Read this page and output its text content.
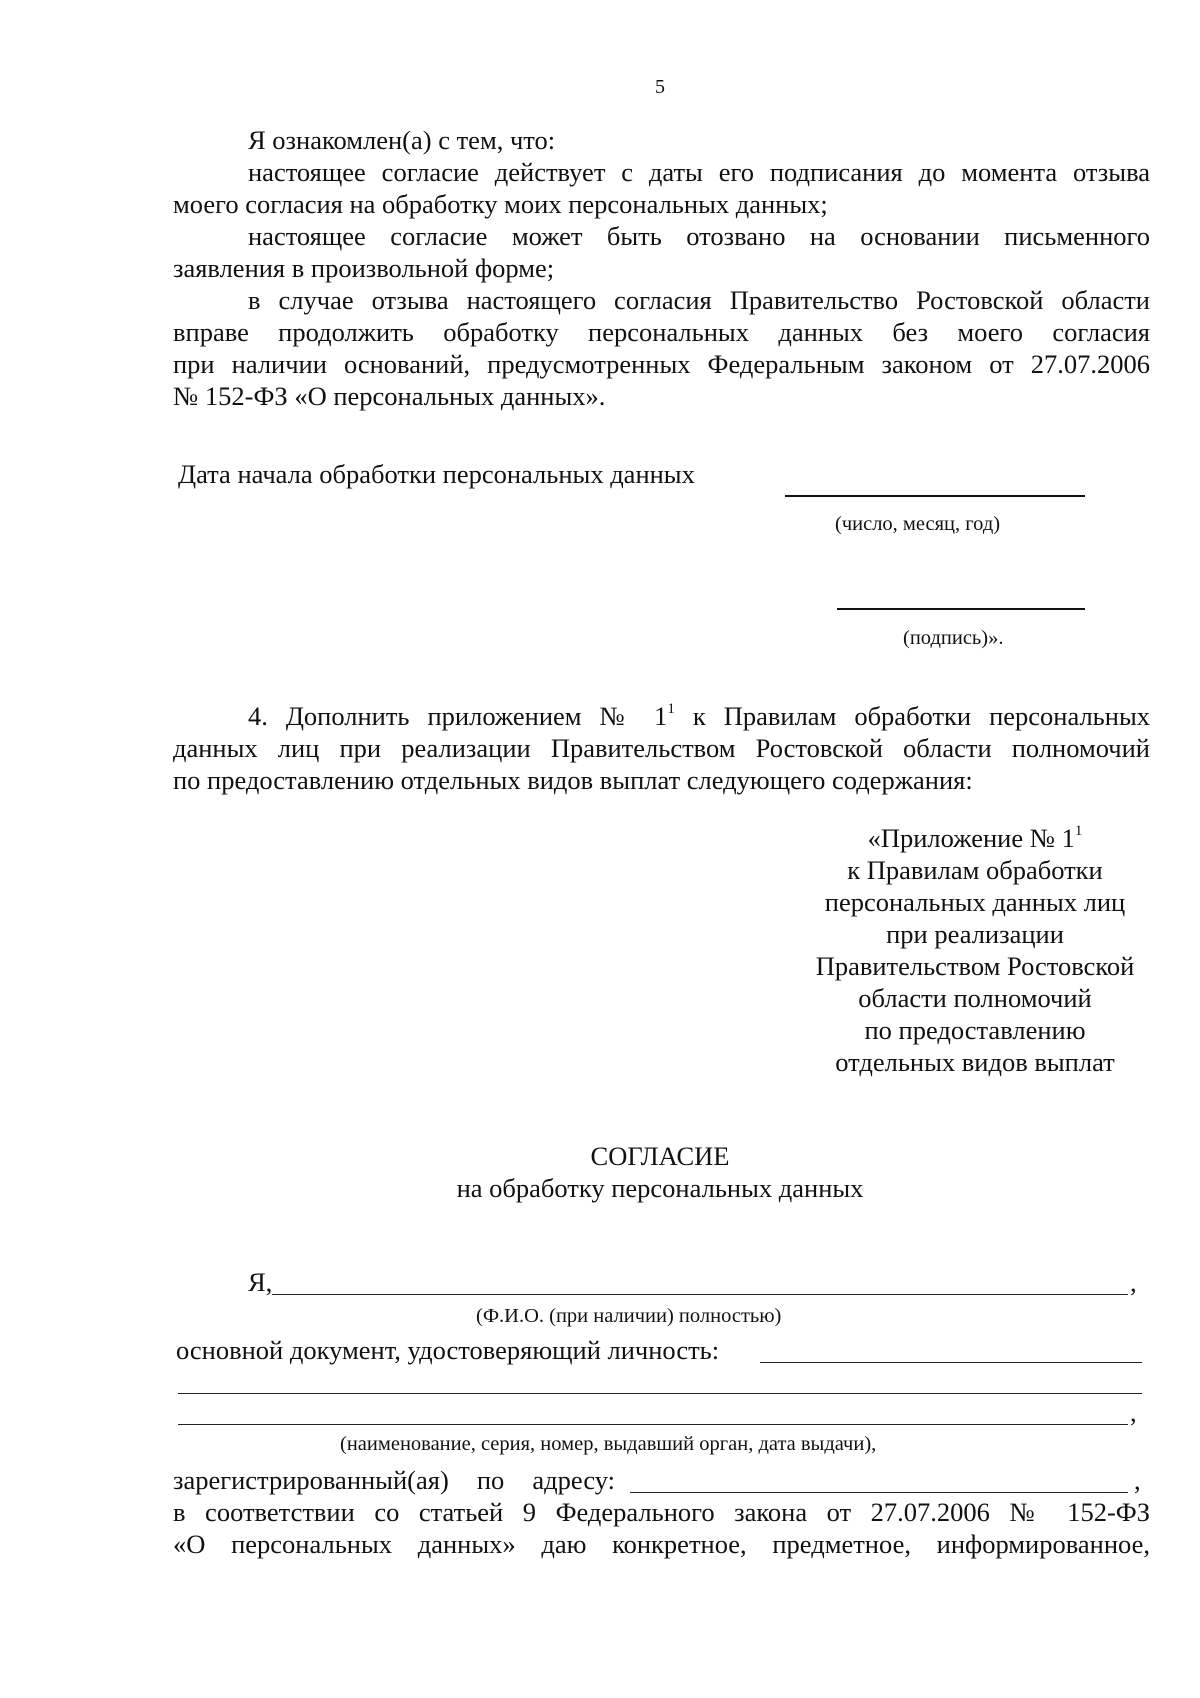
5
Я ознакомлен(а) с тем, что:
настоящее согласие действует с даты его подписания до момента отзыва
моего согласия на обработку моих персональных данных;
настоящее согласие может быть отозвано на основании письменного
заявления в произвольной форме;
в случае отзыва настоящего согласия Правительство Ростовской области
вправе продолжить обработку персональных данных без моего согласия
при наличии оснований, предусмотренных Федеральным законом от 27.07.2006
№ 152-ФЗ «О персональных данных».
Дата начала обработки персональных данных
(число, месяц, год)
(подпись)».
4. Дополнить приложением № $1^1$ к Правилам обработки персональных
данных лиц при реализации Правительством Ростовской области полномочий
по предоставлению отдельных видов выплат следующего содержания:
«Приложение № $1^1$
к Правилам обработки
персональных данных лиц
при реализации
Правительством Ростовской
области полномочий
по предоставлению
отдельных видов выплат
СОГЛАСИЕ
на обработку персональных данных
Я,	,
(Ф.И.О. (при наличии) полностью)
основной документ, удостоверяющий личность:
,
(наименование, серия, номер, выдавший орган, дата выдачи),
зарегистрированный(ая) по адресу:	,
в соответствии со статьей 9 Федерального закона от 27.07.2006 № 152-ФЗ
«О персональных данных» даю конкретное, предметное, информированное,
